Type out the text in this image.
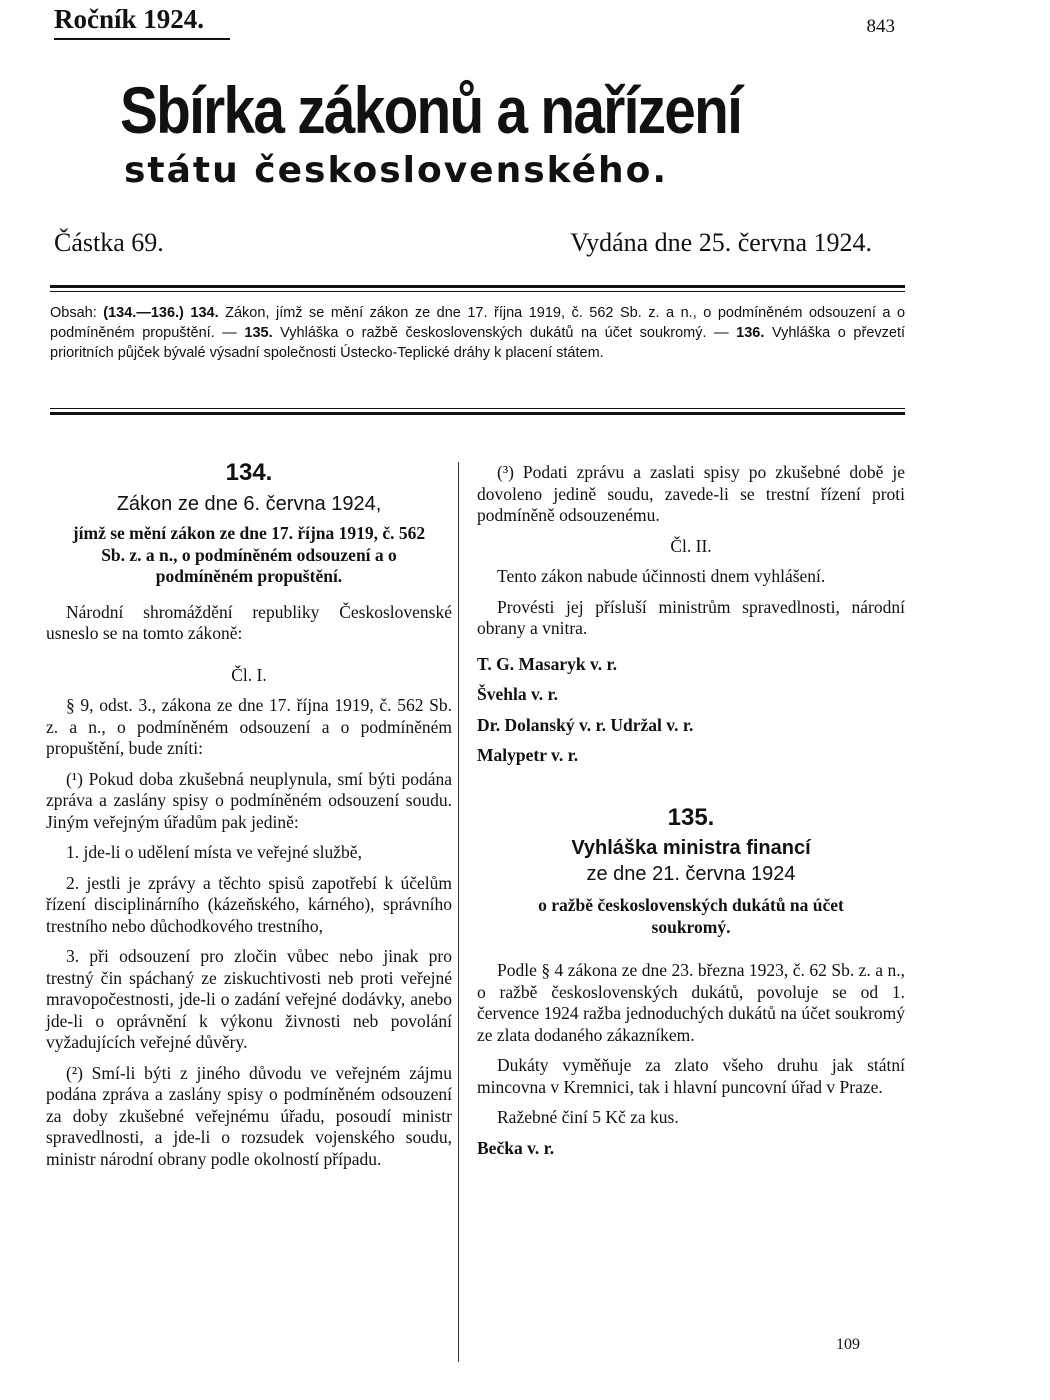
Ročník 1924.	843
Sbírka zákonů a nařízení
státu československého.
Částka 69.	Vydána dne 25. června 1924.
Obsah: (134.—136.) 134. Zákon, jímž se mění zákon ze dne 17. října 1919, č. 562 Sb. z. a n., o podmíněném odsouzení a o podmíněném propuštění. — 135. Vyhláška o ražbě československých dukátů na účet soukromý. — 136. Vyhláška o převzetí prioritních půjček bývalé výsadní společnosti Ústecko-Teplické dráhy k placení státem.
134.
Zákon ze dne 6. června 1924,

jímž se mění zákon ze dne 17. října 1919, č. 562 Sb. z. a n., o podmíněném odsouzení a o podmíněném propuštění.

Národní shromáždění republiky Československé usneslo se na tomto zákoně:

Čl. I.

§ 9, odst. 3., zákona ze dne 17. října 1919, č. 562 Sb. z. a n., o podmíněném odsouzení a o podmíněném propuštění, bude zníti:

(¹) Pokud doba zkušebná neuplynula, smí býti podána zpráva a zaslány spisy o podmíněném odsouzení soudu. Jiným veřejným úřadům pak jedině:

1. jde-li o udělení místa ve veřejné službě,

2. jestli je zprávy a těchto spisů zapotřebí k účelům řízení disciplinárního (kázeňského, kárného), správního trestního nebo důchodkového trestního,

3. při odsouzení pro zločin vůbec nebo jinak pro trestný čin spáchaný ze ziskuchtivosti neb proti veřejné mravopočestnosti, jde-li o zadání veřejné dodávky, anebo jde-li o oprávnění k výkonu živnosti neb povolání vyžadujících veřejné důvěry.

(²) Smí-li býti z jiného důvodu ve veřejném zájmu podána zpráva a zaslány spisy o podmíněném odsouzení za doby zkušebné veřejnému úřadu, posoudí ministr spravedlnosti, a jde-li o rozsudek vojenského soudu, ministr národní obrany podle okolností případu.

(³) Podati zprávu a zaslati spisy po zkušebné době je dovoleno jedině soudu, zavede-li se trestní řízení proti podmíněně odsouzenému.

Čl. II.

Tento zákon nabude účinnosti dnem vyhlášení.

Provésti jej přísluší ministrům spravedlnosti, národní obrany a vnitra.

T. G. Masaryk v. r.

Švehla v. r.

Dr. Dolanský v. r. Udržal v. r.

Malypetr v. r.

135.
Vyhláška ministra financí
ze dne 21. června 1924

o ražbě československých dukátů na účet soukromý.

Podle § 4 zákona ze dne 23. března 1923, č. 62 Sb. z. a n., o ražbě československých dukátů, povoluje se od 1. července 1924 ražba jednoduchých dukátů na účet soukromý ze zlata dodaného zákazníkem.

Dukáty vyměňuje za zlato všeho druhu jak státní mincovna v Kremnici, tak i hlavní puncovní úřad v Praze.

Ražebné činí 5 Kč za kus.

Bečka v. r.

109
